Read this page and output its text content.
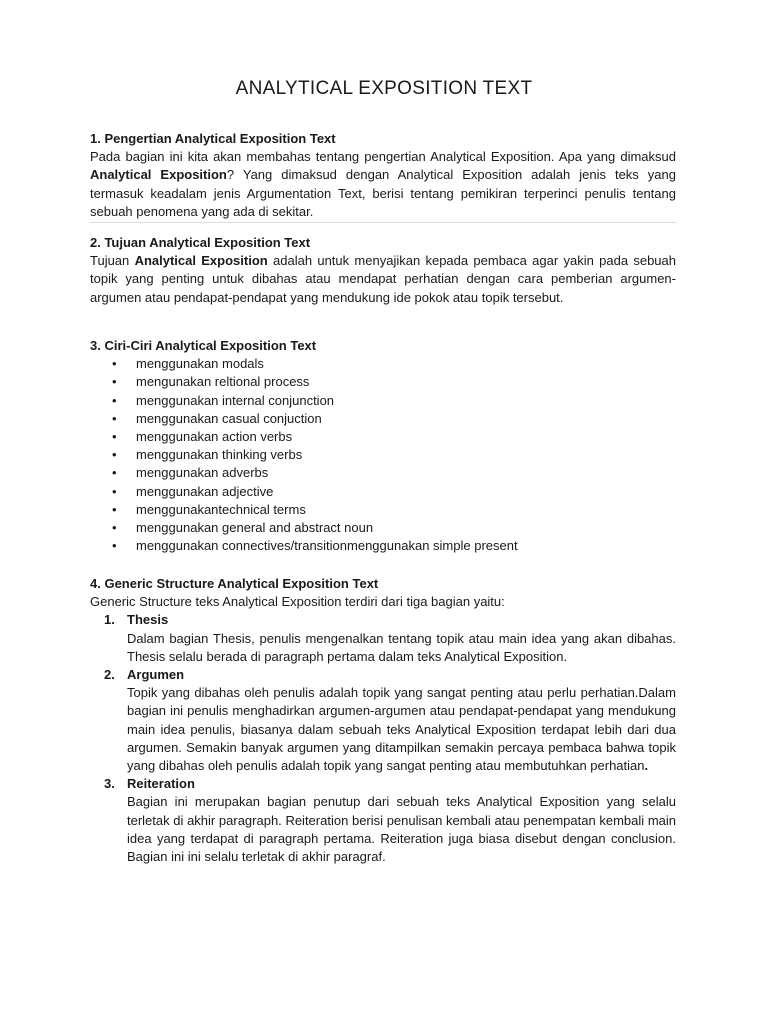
ANALYTICAL EXPOSITION TEXT
1. Pengertian Analytical Exposition Text
Pada bagian ini kita akan membahas tentang pengertian Analytical Exposition. Apa yang dimaksud Analytical Exposition? Yang dimaksud dengan Analytical Exposition adalah jenis teks yang termasuk keadalam jenis Argumentation Text, berisi tentang pemikiran terperinci penulis tentang sebuah penomena yang ada di sekitar.
2. Tujuan Analytical Exposition Text
Tujuan Analytical Exposition adalah untuk menyajikan kepada pembaca agar yakin pada sebuah topik yang penting untuk dibahas atau mendapat perhatian dengan cara pemberian argumen-argumen atau pendapat-pendapat yang mendukung ide pokok atau topik tersebut.
3. Ciri-Ciri Analytical Exposition Text
• menggunakan modals
• mengunakan reltional process
• menggunakan internal conjunction
• menggunakan casual conjuction
• menggunakan action verbs
• menggunakan thinking verbs
• menggunakan adverbs
• menggunakan adjective
• menggunakantechnical terms
• menggunakan general and abstract noun
• menggunakan connectives/transitionmenggunakan simple present
4. Generic Structure Analytical Exposition Text
Generic Structure teks Analytical Exposition terdiri dari tiga bagian yaitu:
1. Thesis
Dalam bagian Thesis, penulis mengenalkan tentang topik atau main idea yang akan dibahas. Thesis selalu berada di paragraph pertama dalam teks Analytical Exposition.
2. Argumen
Topik yang dibahas oleh penulis adalah topik yang sangat penting atau perlu perhatian.Dalam bagian ini penulis menghadirkan argumen-argumen atau pendapat-pendapat yang mendukung main idea penulis, biasanya dalam sebuah teks Analytical Exposition terdapat lebih dari dua argumen. Semakin banyak argumen yang ditampilkan semakin percaya pembaca bahwa topik yang dibahas oleh penulis adalah topik yang sangat penting atau membutuhkan perhatian.
3. Reiteration
Bagian ini merupakan bagian penutup dari sebuah teks Analytical Exposition yang selalu terletak di akhir paragraph. Reiteration berisi penulisan kembali atau penempatan kembali main idea yang terdapat di paragraph pertama. Reiteration juga biasa disebut dengan conclusion. Bagian ini ini selalu terletak di akhir paragraf.
